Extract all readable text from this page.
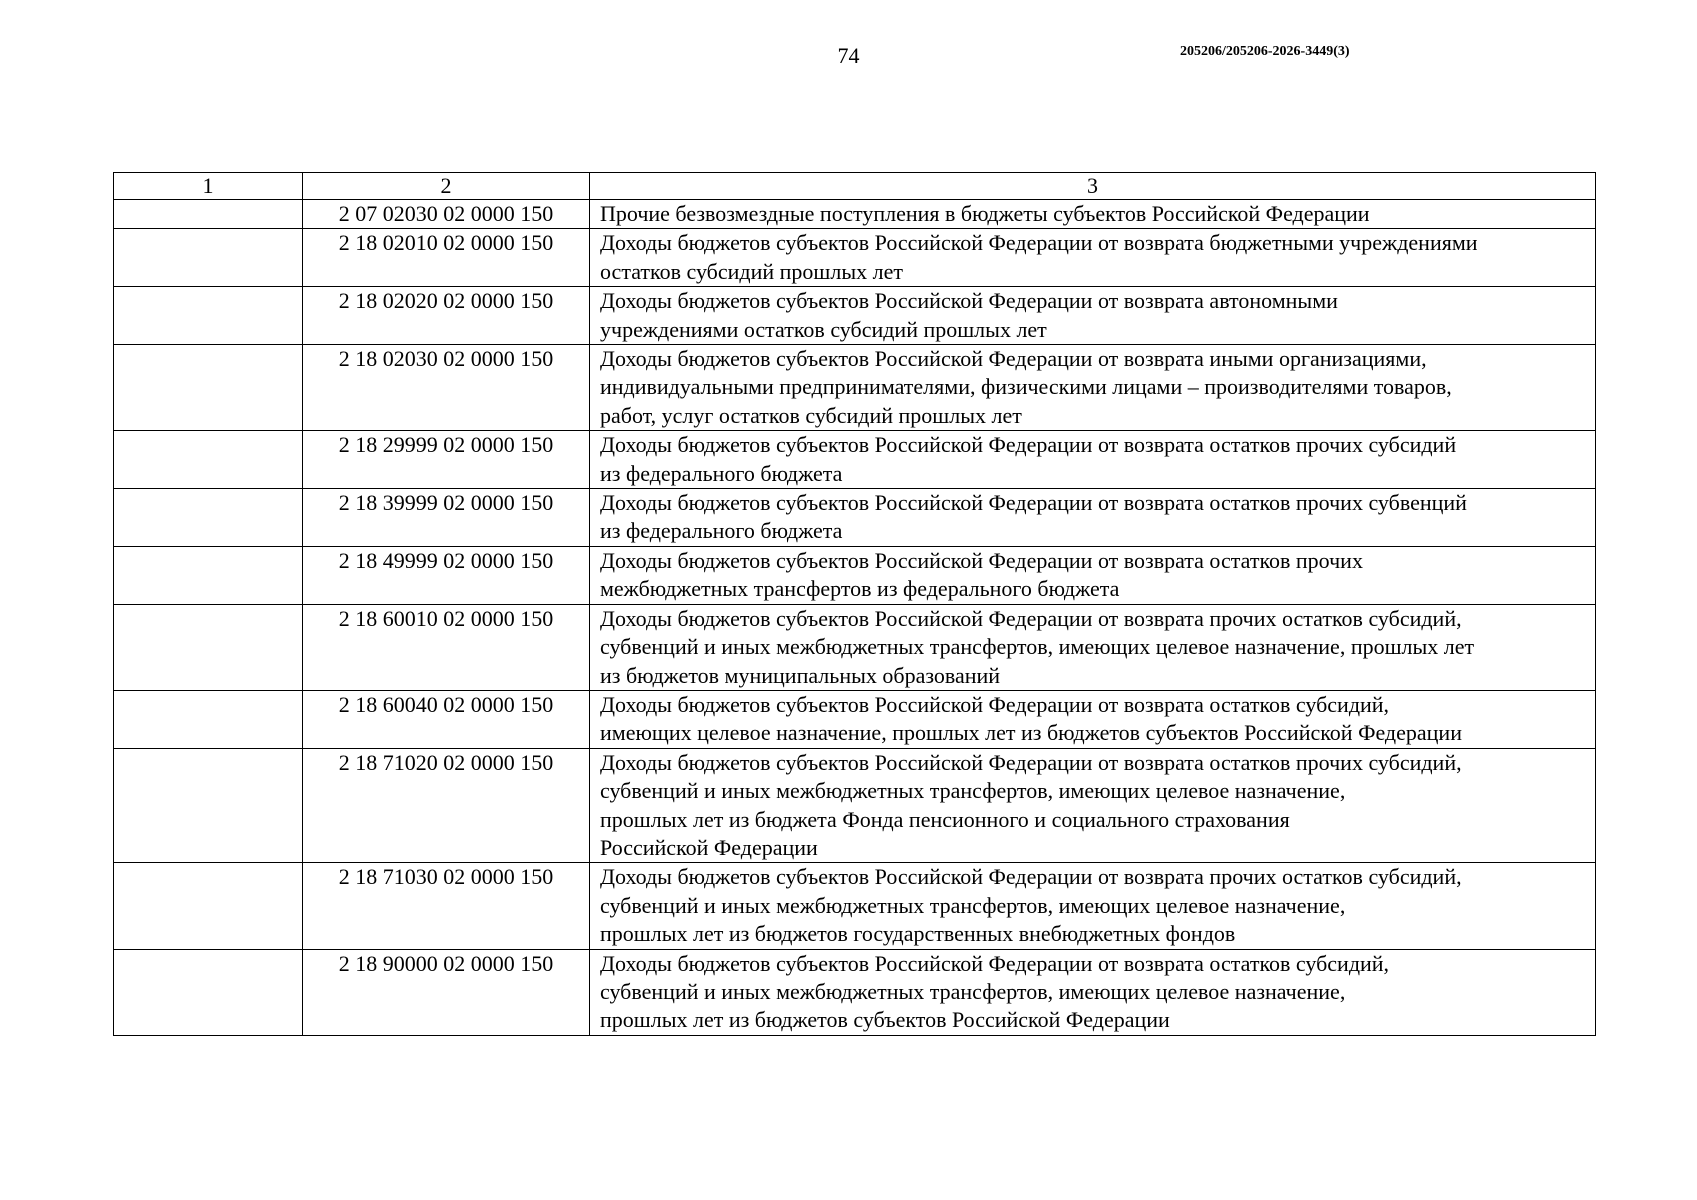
74	205206/205206-2026-3449(3)
1	2	3
	2 07 02030 02 0000 150	Прочие безвозмездные поступления в бюджеты субъектов Российской Федерации

	2 18 02010 02 0000 150	Доходы бюджетов субъектов Российской Федерации от возврата бюджетными учреждениями
остатков субсидий прошлых лет

	2 18 02020 02 0000 150	Доходы бюджетов субъектов Российской Федерации от возврата автономными
учреждениями остатков субсидий прошлых лет

	2 18 02030 02 0000 150	Доходы бюджетов субъектов Российской Федерации от возврата иными организациями,
индивидуальными предпринимателями, физическими лицами – производителями товаров,
работ, услуг остатков субсидий прошлых лет

	2 18 29999 02 0000 150	Доходы бюджетов субъектов Российской Федерации от возврата остатков прочих субсидий
из федерального бюджета

	2 18 39999 02 0000 150	Доходы бюджетов субъектов Российской Федерации от возврата остатков прочих субвенций
из федерального бюджета

	2 18 49999 02 0000 150	Доходы бюджетов субъектов Российской Федерации от возврата остатков прочих
межбюджетных трансфертов из федерального бюджета

	2 18 60010 02 0000 150	Доходы бюджетов субъектов Российской Федерации от возврата прочих остатков субсидий,
субвенций и иных межбюджетных трансфертов, имеющих целевое назначение, прошлых лет
из бюджетов муниципальных образований

	2 18 60040 02 0000 150	Доходы бюджетов субъектов Российской Федерации от возврата остатков субсидий,
имеющих целевое назначение, прошлых лет из бюджетов субъектов Российской Федерации

	2 18 71020 02 0000 150	Доходы бюджетов субъектов Российской Федерации от возврата остатков прочих субсидий,
субвенций и иных межбюджетных трансфертов, имеющих целевое назначение,
прошлых лет из бюджета Фонда пенсионного и социального страхования
Российской Федерации

	2 18 71030 02 0000 150	Доходы бюджетов субъектов Российской Федерации от возврата прочих остатков субсидий,
субвенций и иных межбюджетных трансфертов, имеющих целевое назначение,
прошлых лет из бюджетов государственных внебюджетных фондов

	2 18 90000 02 0000 150	Доходы бюджетов субъектов Российской Федерации от возврата остатков субсидий,
субвенций и иных межбюджетных трансфертов, имеющих целевое назначение,
прошлых лет из бюджетов субъектов Российской Федерации
